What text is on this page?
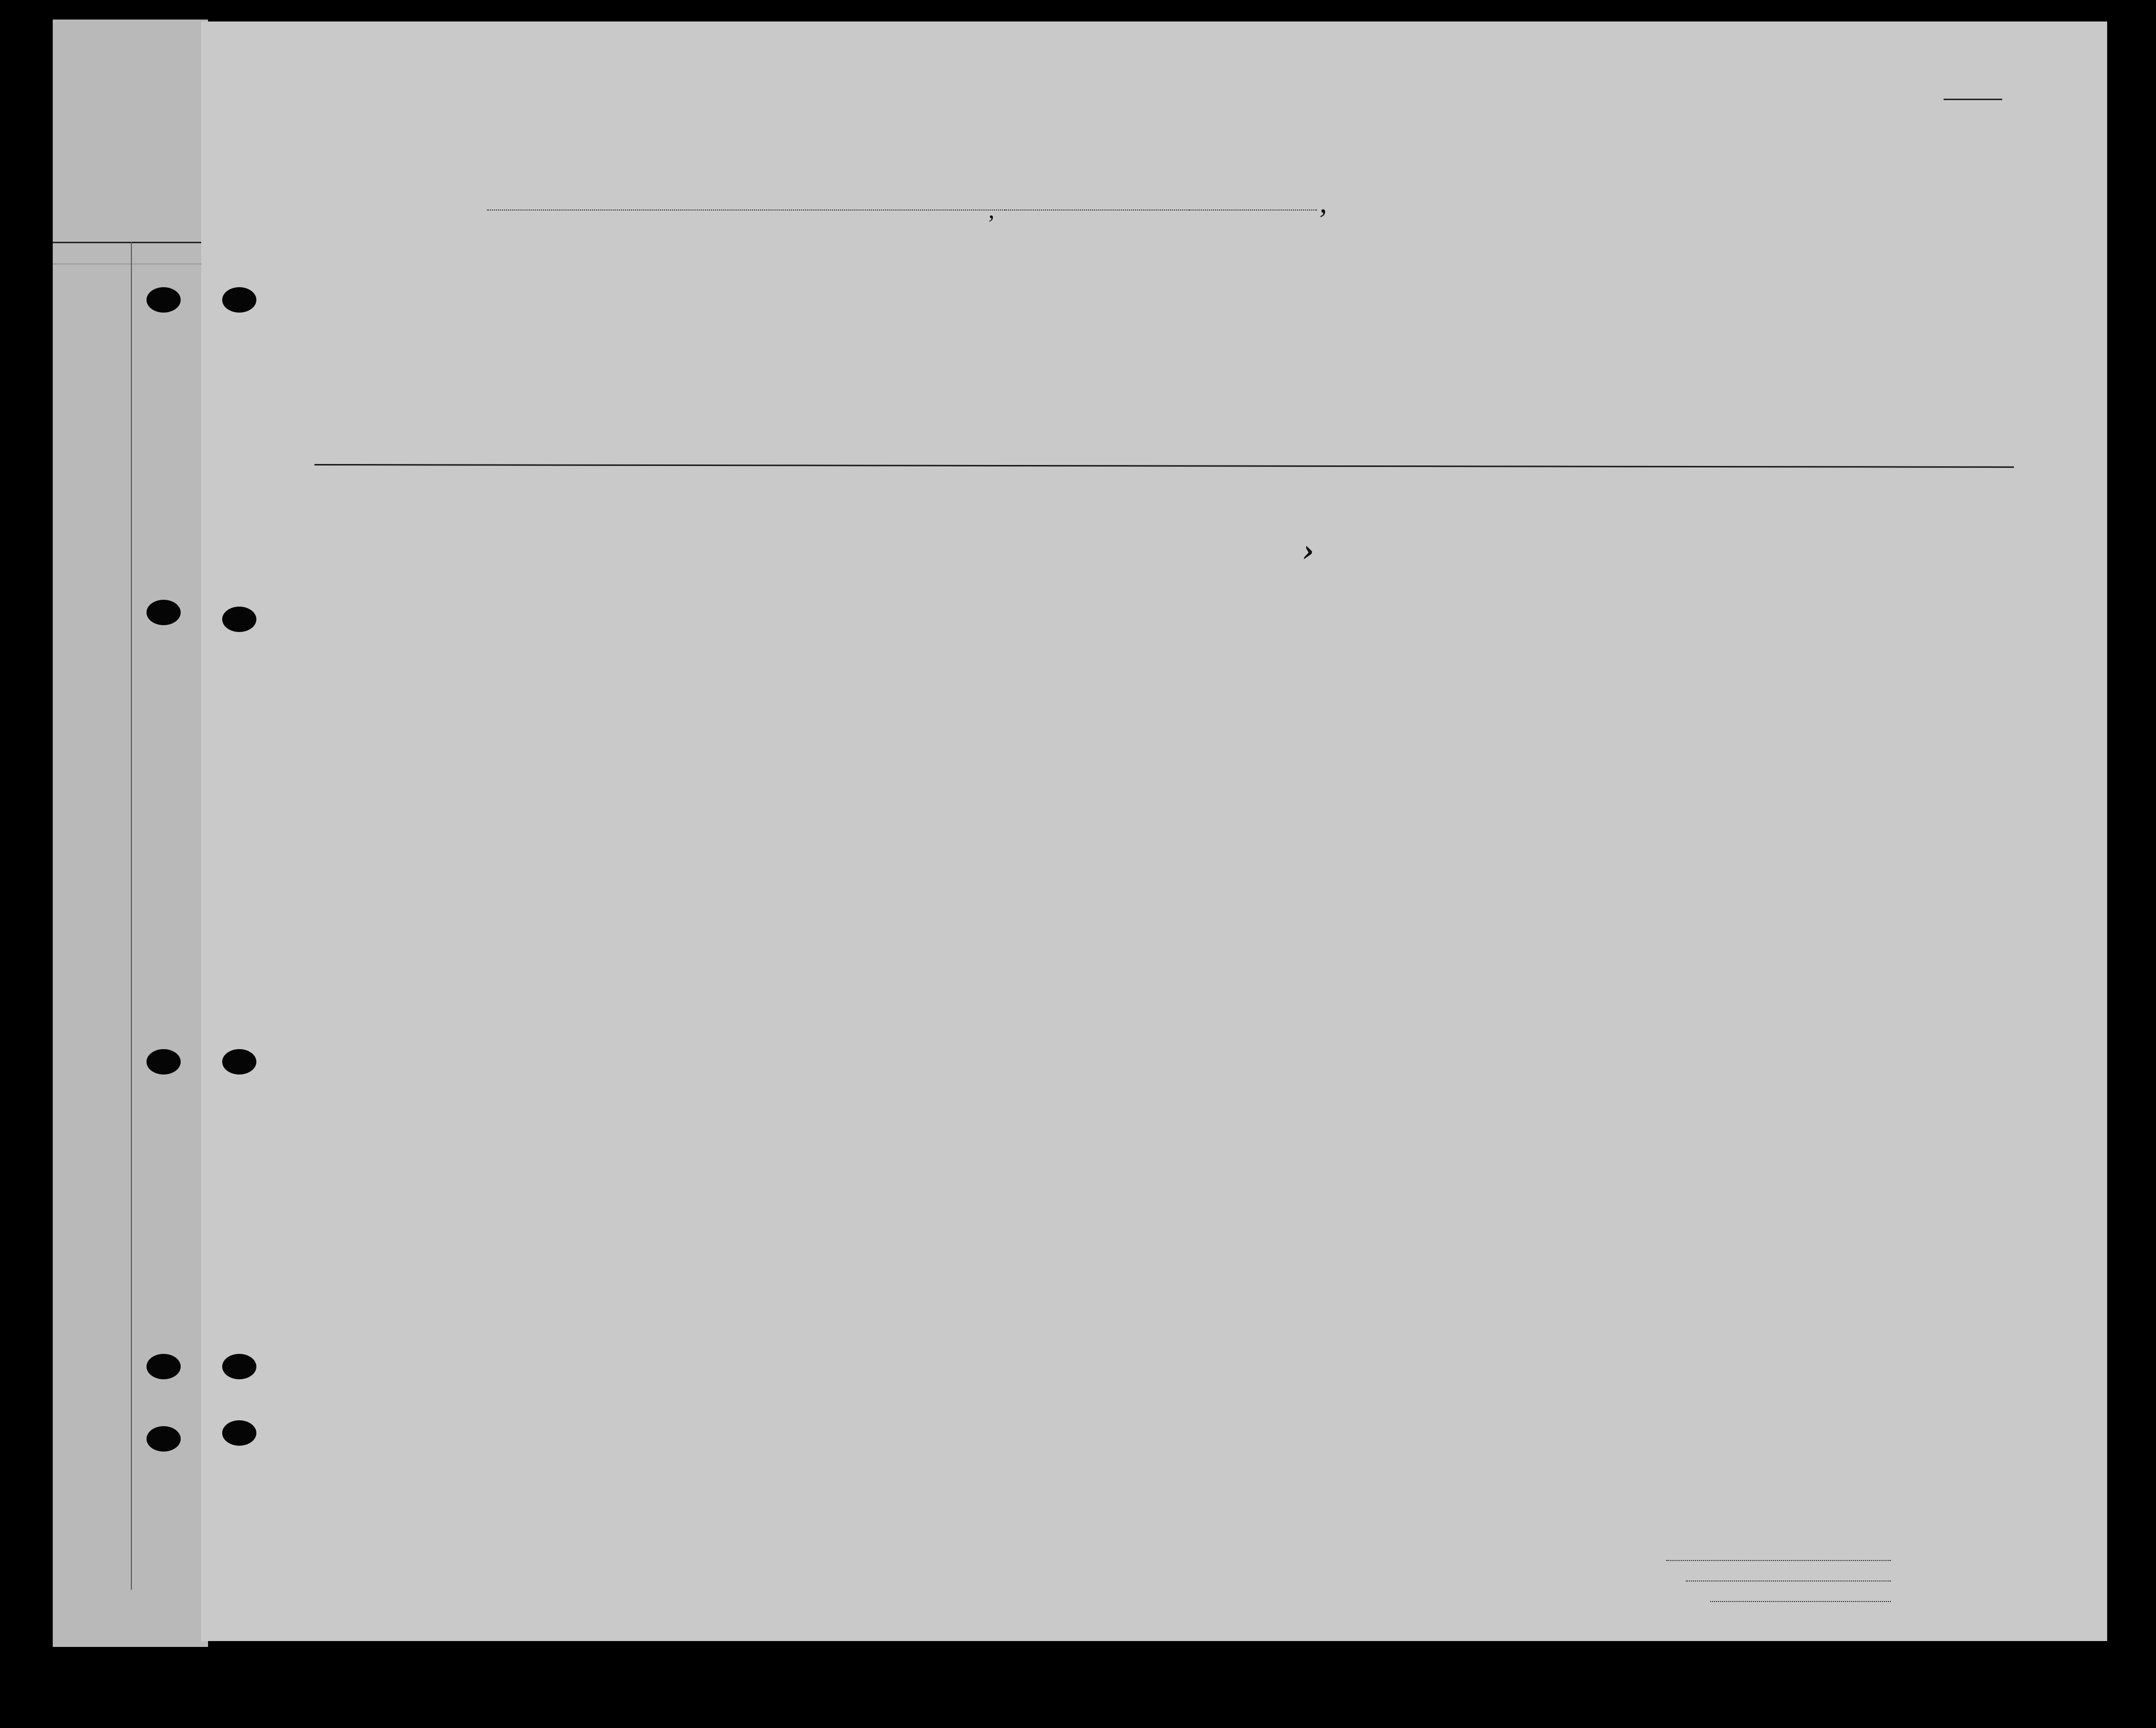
,	,
›
